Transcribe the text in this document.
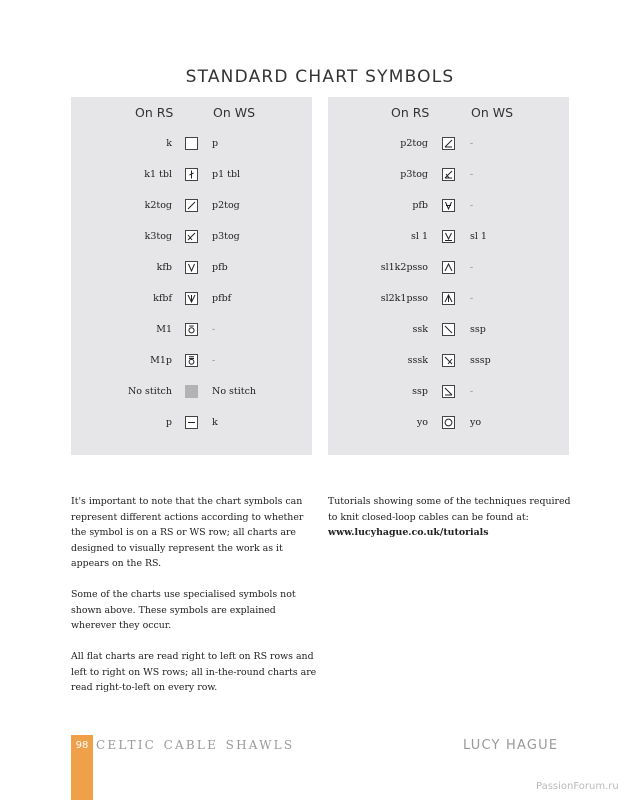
STANDARD CHART SYMBOLS
On RS	On WS
k	p
k1 tbl	p1 tbl
k2tog	p2tog
k3tog	p3tog
kfb	pfb
kfbf	pfbf
M1	-
M1p	-
No stitch	No stitch
p	k
On RS	On WS
p2tog	-
p3tog	-
pfb	-
sl 1	sl 1
sl1k2psso	-
sl2k1psso	-
ssk	ssp
sssk	sssp
ssp	-
yo	yo

It's important to note that the chart symbols can represent different actions according to whether the symbol is on a RS or WS row; all charts are designed to visually represent the work as it appears on the RS.

Some of the charts use specialised symbols not shown above. These symbols are explained wherever they occur.

All flat charts are read right to left on RS rows and left to right on WS rows; all in-the-round charts are read right-to-left on every row.

Tutorials showing some of the techniques required to knit closed-loop cables can be found at:
www.lucyhague.co.uk/tutorials
98 celtic cable shawls	LUCY HAGUE
PassionForum.ru
